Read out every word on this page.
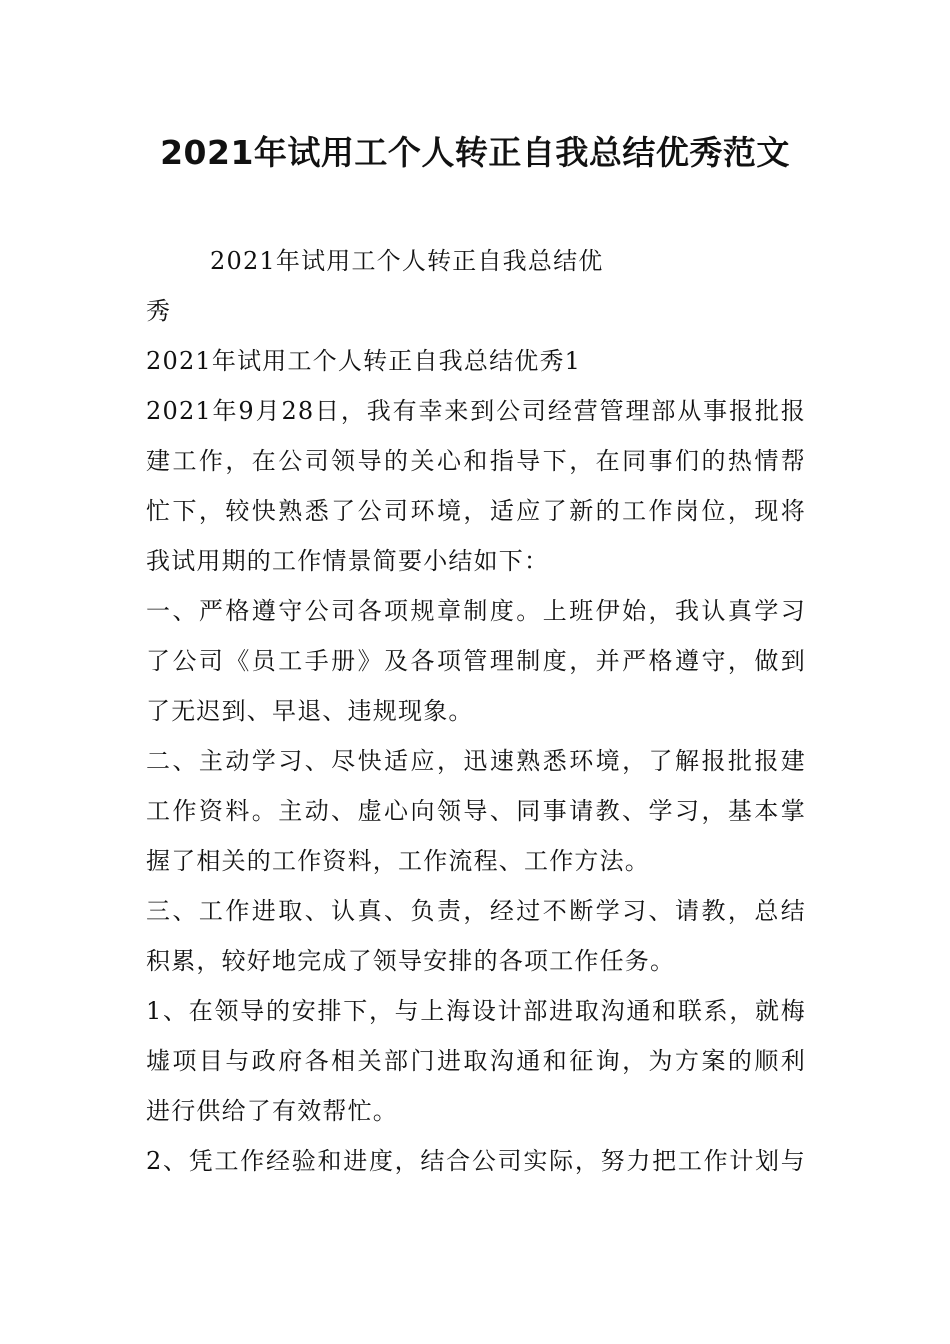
2021年试用工个人转正自我总结优秀范文
2021年试用工个人转正自我总结优
秀
2021年试用工个人转正自我总结优秀1
2021年9月28日，我有幸来到公司经营管理部从事报批报
建工作，在公司领导的关心和指导下，在同事们的热情帮
忙下，较快熟悉了公司环境，适应了新的工作岗位，现将
我试用期的工作情景简要小结如下：
一、严格遵守公司各项规章制度。上班伊始，我认真学习
了公司《员工手册》及各项管理制度，并严格遵守，做到
了无迟到、早退、违规现象。
二、主动学习、尽快适应，迅速熟悉环境，了解报批报建
工作资料。主动、虚心向领导、同事请教、学习，基本掌
握了相关的工作资料，工作流程、工作方法。
三、工作进取、认真、负责，经过不断学习、请教，总结
积累，较好地完成了领导安排的各项工作任务。
1、在领导的安排下，与上海设计部进取沟通和联系，就梅
墟项目与政府各相关部门进取沟通和征询，为方案的顺利
进行供给了有效帮忙。
2、凭工作经验和进度，结合公司实际，努力把工作计划与
